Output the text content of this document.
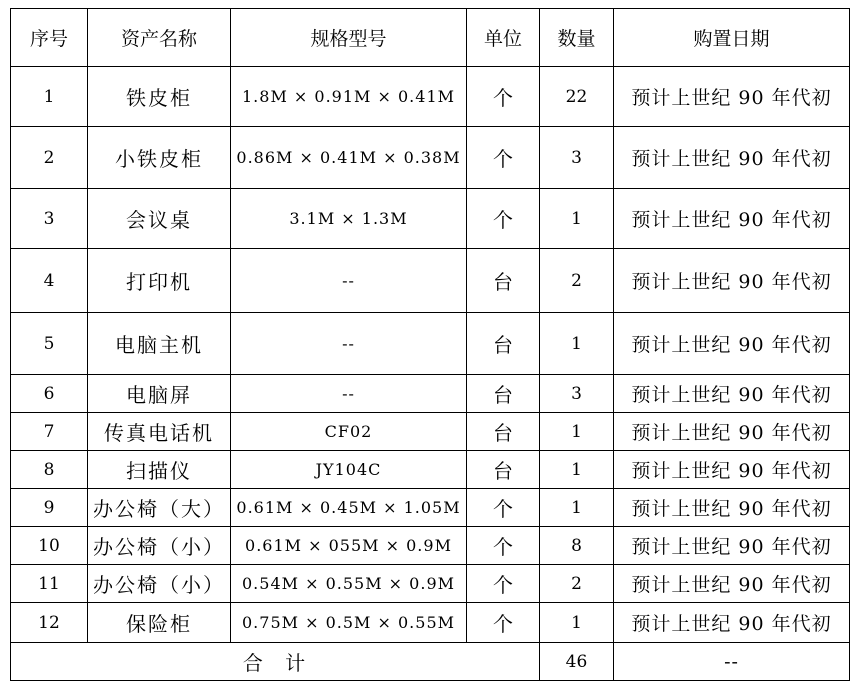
序号	资产名称	规格型号	单位	数量	购置日期
1	铁皮柜	1.8M × 0.91M × 0.41M	个	22	预计上世纪 90 年代初
2	小铁皮柜	0.86M × 0.41M × 0.38M	个	3	预计上世纪 90 年代初
3	会议桌	3.1M × 1.3M	个	1	预计上世纪 90 年代初
4	打印机	--	台	2	预计上世纪 90 年代初
5	电脑主机	--	台	1	预计上世纪 90 年代初
6	电脑屏	--	台	3	预计上世纪 90 年代初
7	传真电话机	CF02	台	1	预计上世纪 90 年代初
8	扫描仪	JY104C	台	1	预计上世纪 90 年代初
9	办公椅（大）	0.61M × 0.45M × 1.05M	个	1	预计上世纪 90 年代初
10	办公椅（小）	0.61M × 055M × 0.9M	个	8	预计上世纪 90 年代初
11	办公椅（小）	0.54M × 0.55M × 0.9M	个	2	预计上世纪 90 年代初
12	保险柜	0.75M × 0.5M × 0.55M	个	1	预计上世纪 90 年代初
合 计				46	--
